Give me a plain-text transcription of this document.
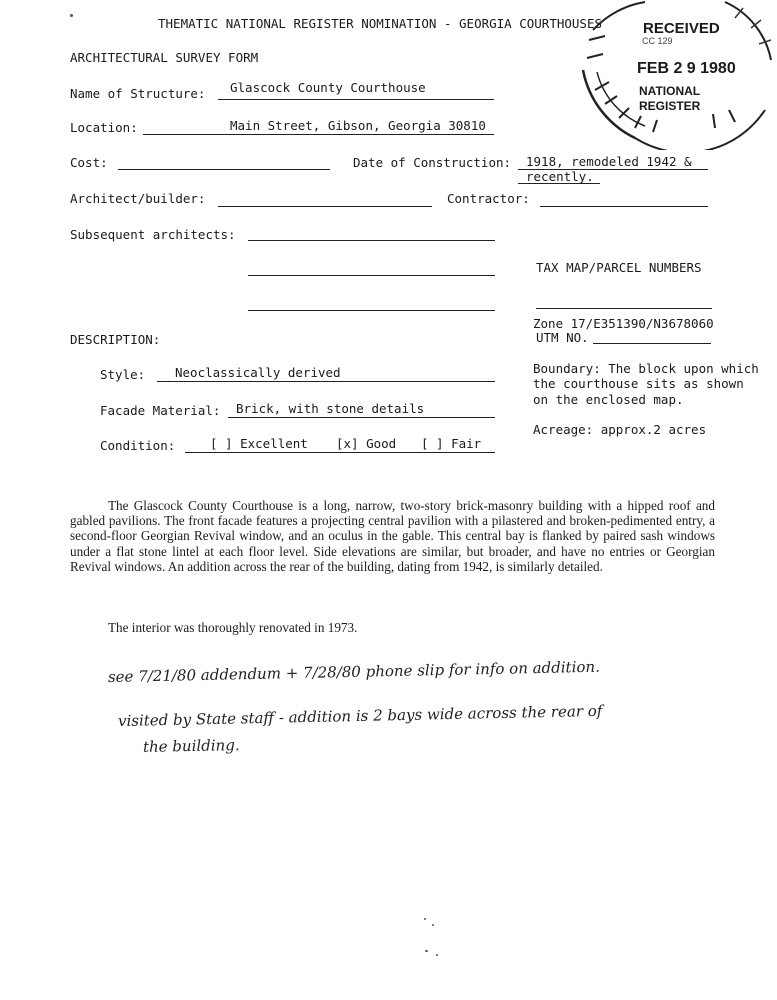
THEMATIC NATIONAL REGISTER NOMINATION - GEORGIA COURTHOUSES
ARCHITECTURAL SURVEY FORM
RECEIVED
CC 129
FEB 2 9 1980
NATIONAL
REGISTER
Name of Structure: Glascock County Courthouse
Location:	Main Street, Gibson, Georgia 30810
Cost:	Date of Construction: 1918, remodeled 1942 &
recently.
Architect/builder:	Contractor:
Subsequent architects:
TAX MAP/PARCEL NUMBERS
Zone 17/E351390/N3678060
UTM NO.
DESCRIPTION:
Style: Neoclassically derived
Facade Material: Brick, with stone details
Condition:	[ ] Excellent [x] Good [ ] Fair
Boundary: The block upon which
the courthouse sits as shown
on the enclosed map.
Acreage: approx.2 acres
The Glascock County Courthouse is a long, narrow, two-story brick-masonry building with a hipped roof and gabled pavilions. The front facade features a projecting central pavilion with a pilastered and broken-pedimented entry, a second-floor Georgian Revival window, and an oculus in the gable. This central bay is flanked by paired sash windows under a flat stone lintel at each floor level. Side elevations are similar, but broader, and have no entries or Georgian Revival windows. An addition across the rear of the building, dating from 1942, is similarly detailed.
The interior was thoroughly renovated in 1973.
see 7/21/80 addendum + 7/28/80 phone slip for info on addition.
visited by State staff - addition is 2 bays wide across the rear of
the building.
